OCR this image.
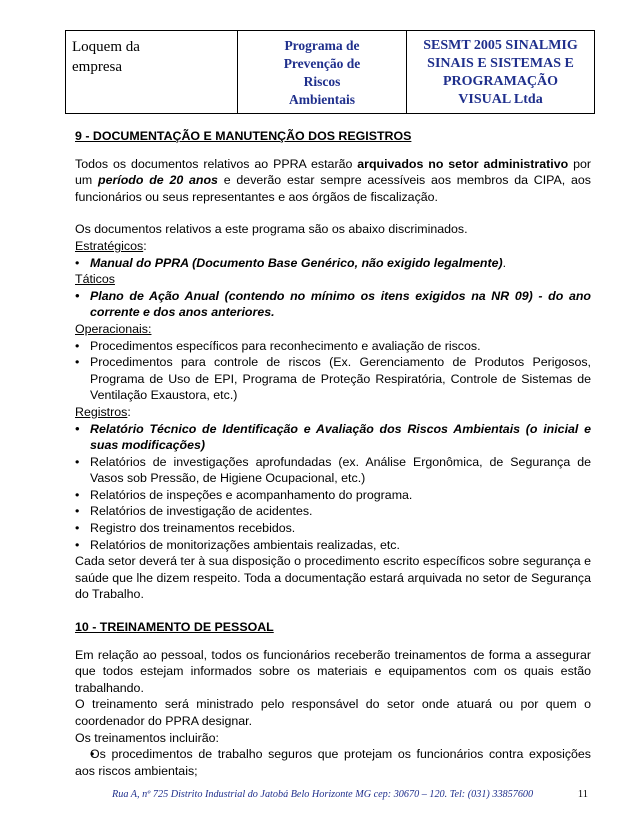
Loquem da
empresa
Programa de
Prevenção de
Riscos
Ambientais
SESMT 2005 SINALMIG
SINAIS E SISTEMAS E
PROGRAMAÇÃO
VISUAL Ltda

9 - DOCUMENTAÇÃO E MANUTENÇÃO DOS REGISTROS

Todos os documentos relativos ao PPRA estarão arquivados no setor administrativo por um período de 20 anos e deverão estar sempre acessíveis aos membros da CIPA, aos funcionários ou seus representantes e aos órgãos de fiscalização.

Os documentos relativos a este programa são os abaixo discriminados.

Estratégicos:

• Manual do PPRA (Documento Base Genérico, não exigido legalmente).

Táticos

• Plano de Ação Anual (contendo no mínimo os itens exigidos na NR 09) - do ano corrente e dos anos anteriores.

Operacionais:

• Procedimentos específicos para reconhecimento e avaliação de riscos.
• Procedimentos para controle de riscos (Ex. Gerenciamento de Produtos Perigosos, Programa de Uso de EPI, Programa de Proteção Respiratória, Controle de Sistemas de Ventilação Exaustora, etc.)

Registros:

• Relatório Técnico de Identificação e Avaliação dos Riscos Ambientais (o inicial e suas modificações)
• Relatórios de investigações aprofundadas (ex. Análise Ergonômica, de Segurança de Vasos sob Pressão, de Higiene Ocupacional, etc.)
• Relatórios de inspeções e acompanhamento do programa.
• Relatórios de investigação de acidentes.
• Registro dos treinamentos recebidos.
• Relatórios de monitorizações ambientais realizadas, etc.

Cada setor deverá ter à sua disposição o procedimento escrito específicos sobre segurança e saúde que lhe dizem respeito. Toda a documentação estará arquivada no setor de Segurança do Trabalho.

10 - TREINAMENTO DE PESSOAL

Em relação ao pessoal, todos os funcionários receberão treinamentos de forma a assegurar que todos estejam informados sobre os materiais e equipamentos com os quais estão trabalhando.

O treinamento será ministrado pelo responsável do setor onde atuará ou por quem o coordenador do PPRA designar.

Os treinamentos incluirão:

• Os procedimentos de trabalho seguros que protejam os funcionários contra exposições aos riscos ambientais;
Rua A, nº 725 Distrito Industrial do Jatobá Belo Horizonte MG cep: 30670 – 120. Tel: (031) 33857600	11
